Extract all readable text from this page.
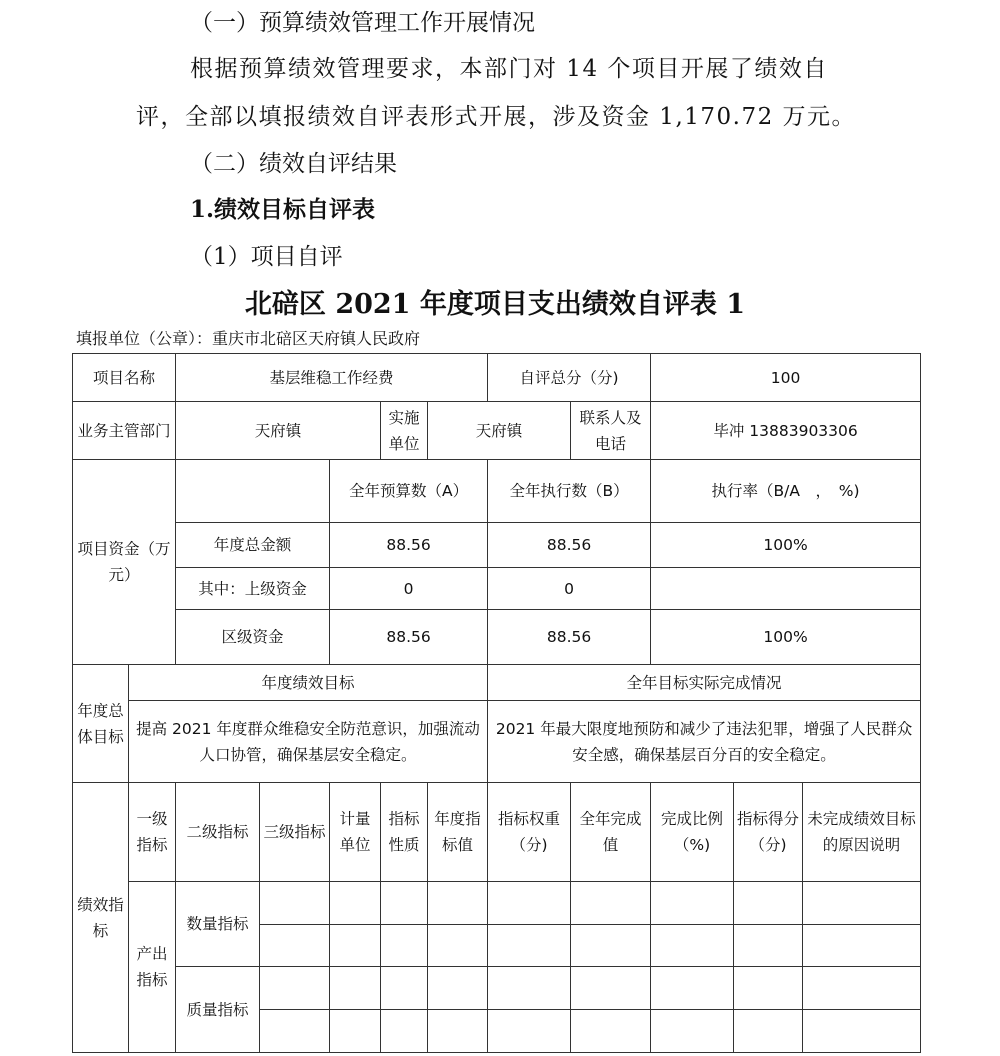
（一）预算绩效管理工作开展情况
根据预算绩效管理要求，本部门对 14 个项目开展了绩效自
评，全部以填报绩效自评表形式开展，涉及资金 1,170.72 万元。
（二）绩效自评结果
1.绩效目标自评表
（1）项目自评
北碚区 2021 年度项目支出绩效自评表 1
填报单位（公章）：重庆市北碚区天府镇人民政府
项目名称		基层维稳工作经费					自评总分（分)		100			
业务主管部门		天府镇			实施单位	天府镇		联系人及电话	毕冲 13883903306			
项目资金（万元）				全年预算数（A）			全年执行数（B）		执行率（B/A　，　%)			
		年度总金额		88.56			88.56		100%			
		其中：上级资金		0			0					
		区级资金		88.56			88.56		100%			
年度总体目标	年度绩效目标						全年目标实际完成情况					
	提高 2021 年度群众维稳安全防范意识，加强流动人口协管，确保基层安全稳定。						2021 年最大限度地预防和减少了违法犯罪，增强了人民群众安全感，确保基层百分百的安全稳定。					
绩效指标	一级指标	二级指标	三级指标	计量单位	指标性质	年度指标值	指标权重（分)	全年完成值	完成比例（%)	指标得分（分)	未完成绩效目标的原因说明	
	产出指标	数量指标										

		质量指标										
